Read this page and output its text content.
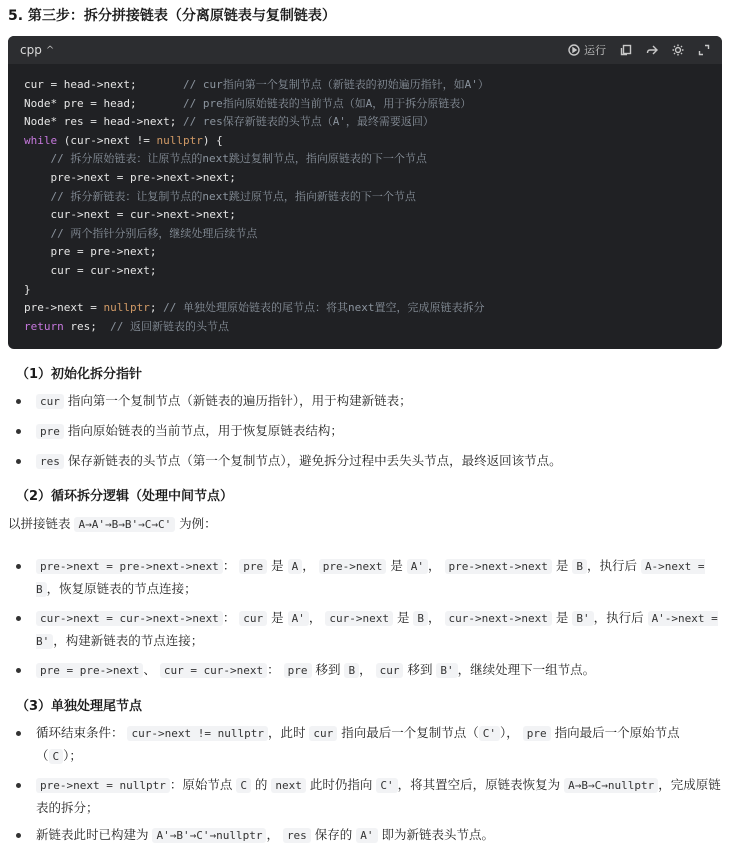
5. 第三步：拆分拼接链表（分离原链表与复制链表）
cpp ^	运行
cur = head->next;       // cur指向第一个复制节点（新链表的初始遍历指针，如A'）
Node* pre = head;       // pre指向原始链表的当前节点（如A，用于拆分原链表）
Node* res = head->next; // res保存新链表的头节点（A'，最终需要返回）
while (cur->next != nullptr) {
// 拆分原始链表：让原节点的next跳过复制节点，指向原链表的下一个节点
pre->next = pre->next->next;
// 拆分新链表：让复制节点的next跳过原节点，指向新链表的下一个节点
cur->next = cur->next->next;
// 两个指针分别后移，继续处理后续节点
pre = pre->next;
cur = cur->next;
}
pre->next = nullptr; // 单独处理原始链表的尾节点：将其next置空，完成原链表拆分
return res;  // 返回新链表的头节点
（1）初始化拆分指针
cur 指向第一个复制节点（新链表的遍历指针），用于构建新链表；
pre 指向原始链表的当前节点，用于恢复原链表结构；
res 保存新链表的头节点（第一个复制节点），避免拆分过程中丢失头节点，最终返回该节点。
（2）循环拆分逻辑（处理中间节点）
以拼接链表 A→A'→B→B'→C→C' 为例：
pre->next = pre->next->next ： pre 是 A ， pre->next 是 A' ， pre->next->next 是 B ，执行后 A->next = B ，恢复原链表的节点连接；
cur->next = cur->next->next ： cur 是 A' ， cur->next 是 B ， cur->next->next 是 B' ，执行后 A'->next = B' ，构建新链表的节点连接；
pre = pre->next 、 cur = cur->next ： pre 移到 B ， cur 移到 B' ，继续处理下一组节点。
（3）单独处理尾节点
循环结束条件： cur->next != nullptr ，此时 cur 指向最后一个复制节点（ C' ）， pre 指向最后一个原始节点（ C ）；
pre->next = nullptr ：原始节点 C 的 next 此时仍指向 C' ，将其置空后，原链表恢复为 A→B→C→nullptr ，完成原链表的拆分；
新链表此时已构建为 A'→B'→C'→nullptr ， res 保存的 A' 即为新链表头节点。
